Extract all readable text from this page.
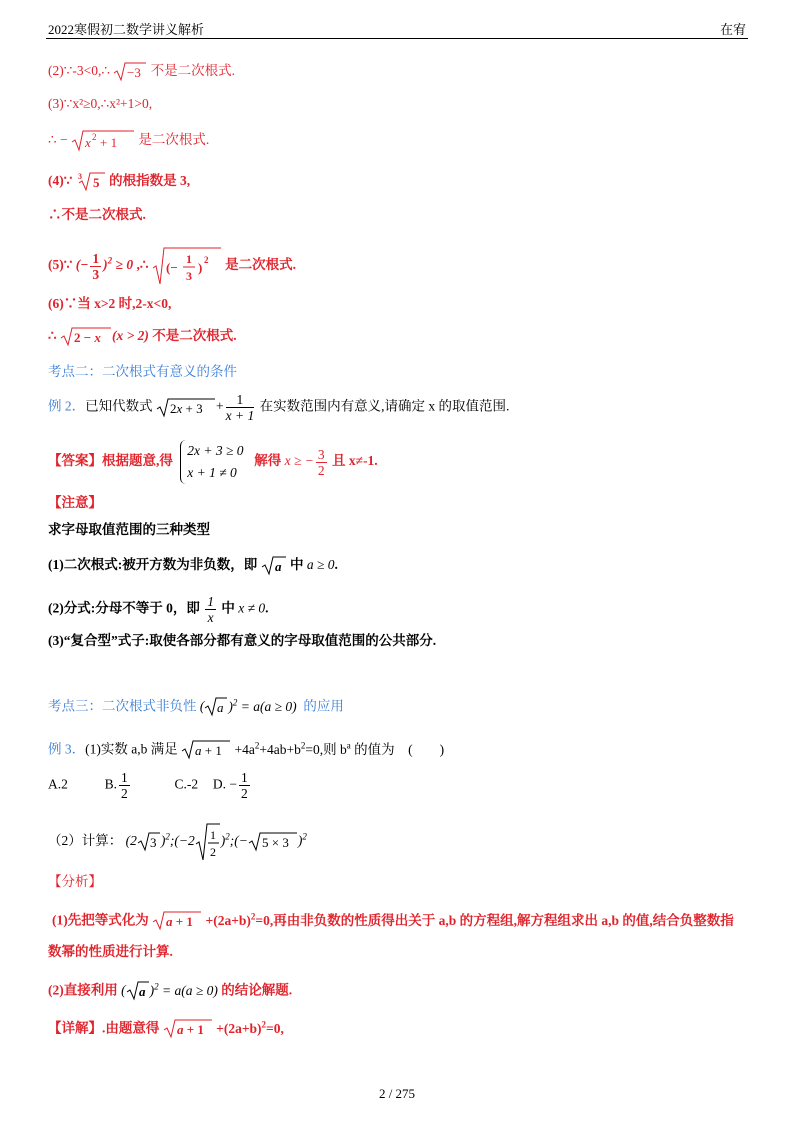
2022寒假初二数学讲义解析	在宥
(2)∵-3<0,∴ −3 不是二次根式.
(3)∵x²≥0,∴x²+1>0,
∴ − x 2 + 1 是二次根式.
(4)∵ 3 5 的根指数是 3,
∴不是二次根式.
(5)∵ (− $\frac{1}{3} )^2 \ge 0$ ,∴ (−
1
3
) 2 是二次根式.
(6)∵当 x>2 时,2-x<0,
∴ 2 − x (x > 2) 不是二次根式.
考点二：二次根式有意义的条件
例 2．已知代数式 $2x + 3 + \frac{1}{x + 1}$ 在实数范围内有意义,请确定 x 的取值范围.
【答案】根据题意,得
2x + 3 ≥ 0
x + 1 ≠ 0
解得 x ≥ − $\frac{3}{2}$ 且 x≠-1.
【注意】
求字母取值范围的三种类型
(1)二次根式:被开方数为非负数，即 a 中 a ≥ 0.
(2)分式:分母不等于 0，即 $\frac{1}{x}$ 中 x ≠ 0.
(3)“复合型”式子:取使各部分都有意义的字母取值范围的公共部分.
考点三：二次根式非负性 ( a )$^2$ = a(a ≥ 0)  的应用
例 3．(1)实数 a,b 满足 $a + 1 +4a^2+4ab+b^2=0$,则 $b^a$ 的值为　(　　)
A.2	B. $\frac{1}{2}$	C.-2 D. − $\frac{1}{2}$
（2）计算： (2 3 )$^2$;(−2 1
2
)$^2$;(− 5 × 3 )$^2$
【分析】
(1)先把等式化为 $a + 1 +(2a+b)^2=0$,再由非负数的性质得出关于 a,b 的方程组,解方程组求出 a,b 的值,结合负整数指
数幂的性质进行计算.
(2)直接利用 ( a )$^2$ = a(a ≥ 0) 的结论解题.
【详解】.由题意得 $a + 1 +(2a+b)^2=0$,
2 / 275
